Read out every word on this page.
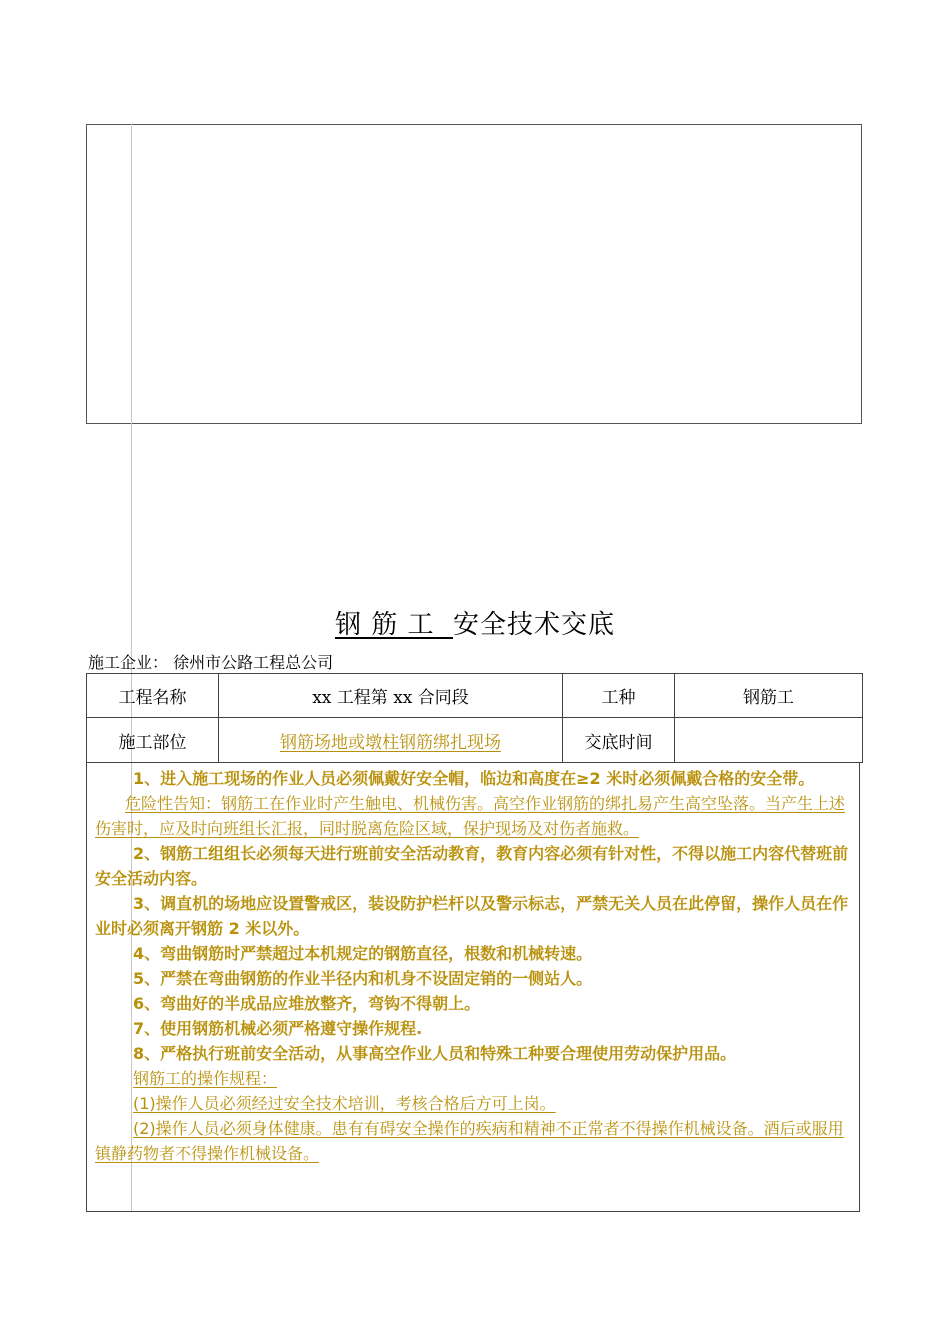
钢 筋 工 安全技术交底
施工企业： 徐州市公路工程总公司
工程名称	xx 工程第 xx 合同段	工种	钢筋工
施工部位	钢筋场地或墩柱钢筋绑扎现场	交底时间	

1、进入施工现场的作业人员必须佩戴好安全帽，临边和高度在≥2 米时必须佩戴合格的安全带。

危险性告知：钢筋工在作业时产生触电、机械伤害。高空作业钢筋的绑扎易产生高空坠落。当产生上述伤害时，应及时向班组长汇报，同时脱离危险区域，保护现场及对伤者施救。

2、钢筋工组组长必须每天进行班前安全活动教育，教育内容必须有针对性，不得以施工内容代替班前安全活动内容。

3、调直机的场地应设置警戒区，装设防护栏杆以及警示标志，严禁无关人员在此停留，操作人员在作业时必须离开钢筋 2 米以外。

4、弯曲钢筋时严禁超过本机规定的钢筋直径，根数和机械转速。

5、严禁在弯曲钢筋的作业半径内和机身不设固定销的一侧站人。

6、弯曲好的半成品应堆放整齐，弯钩不得朝上。

7、使用钢筋机械必须严格遵守操作规程.

8、严格执行班前安全活动，从事高空作业人员和特殊工种要合理使用劳动保护用品。

钢筋工的操作规程：

(1)操作人员必须经过安全技术培训，考核合格后方可上岗。

(2)操作人员必须身体健康。患有有碍安全操作的疾病和精神不正常者不得操作机械设备。酒后或服用镇静药物者不得操作机械设备。
